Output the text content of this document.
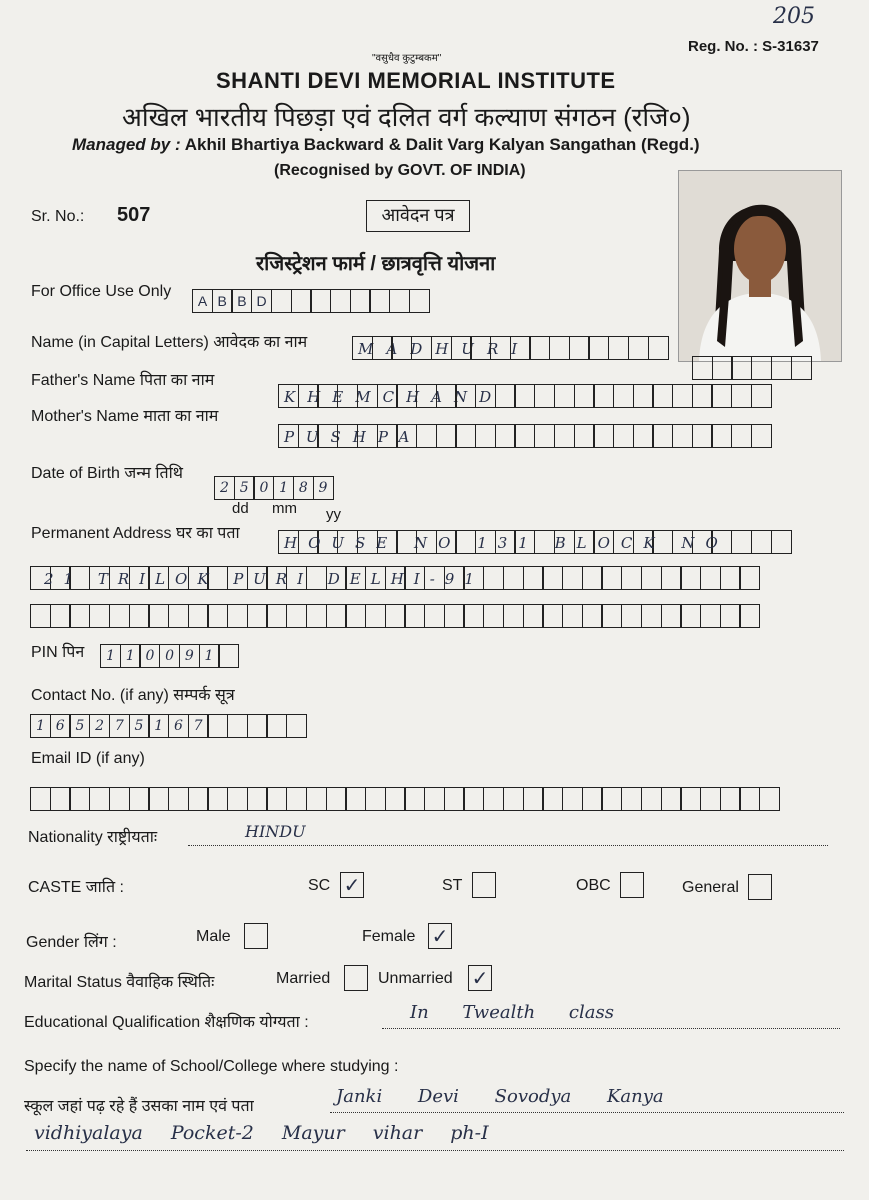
205
"वसुधैव कुटुम्बकम"
Reg. No. : S-31637
SHANTI DEVI MEMORIAL INSTITUTE
अखिल भारतीय पिछड़ा एवं दलित वर्ग कल्याण संगठन (रजि०)
Managed by : Akhil Bhartiya Backward & Dalit Varg Kalyan Sangathan (Regd.)
(Recognised by GOVT. OF INDIA)
Sr. No.: 507	आवेदन पत्र
रजिस्ट्रेशन फार्म / छात्रवृत्ति योजना
For Office Use Only
A B B D
Name (in Capital Letters) आवेदक का नाम	MADHURI
Father's Name पिता का नाम
KHEMCHAND
Mother's Name माता का नाम
PUSHPA
Date of Birth जन्म तिथि
2 5 0 1 8 9
dd mm yy
Permanent Address घर का पता
HOUSE NO 131 BLOCK NO
21 TRILOK PURI DELHI-91
PIN पिन	1 1 0 0 9 1
Contact No. (if any) सम्पर्क सूत्र
1 6 5 2 7 5 1 6 7
Email ID (if any)
Nationality राष्ट्रीयताः	HINDU
CASTE जाति :	SC ✓	ST	OBC	General
Gender लिंग :	Male	Female ✓
Marital Status वैवाहिक स्थितिः	Married	Unmarried ✓
Educational Qualification शैक्षणिक योग्यता :	In Twealth class
Specify the name of School/College where studying :
स्कूल जहां पढ़ रहे हैं उसका नाम एवं पता	Janki Devi Sovodya Kanya
vidhiyalaya Pocket-2 Mayur vihar ph-I
